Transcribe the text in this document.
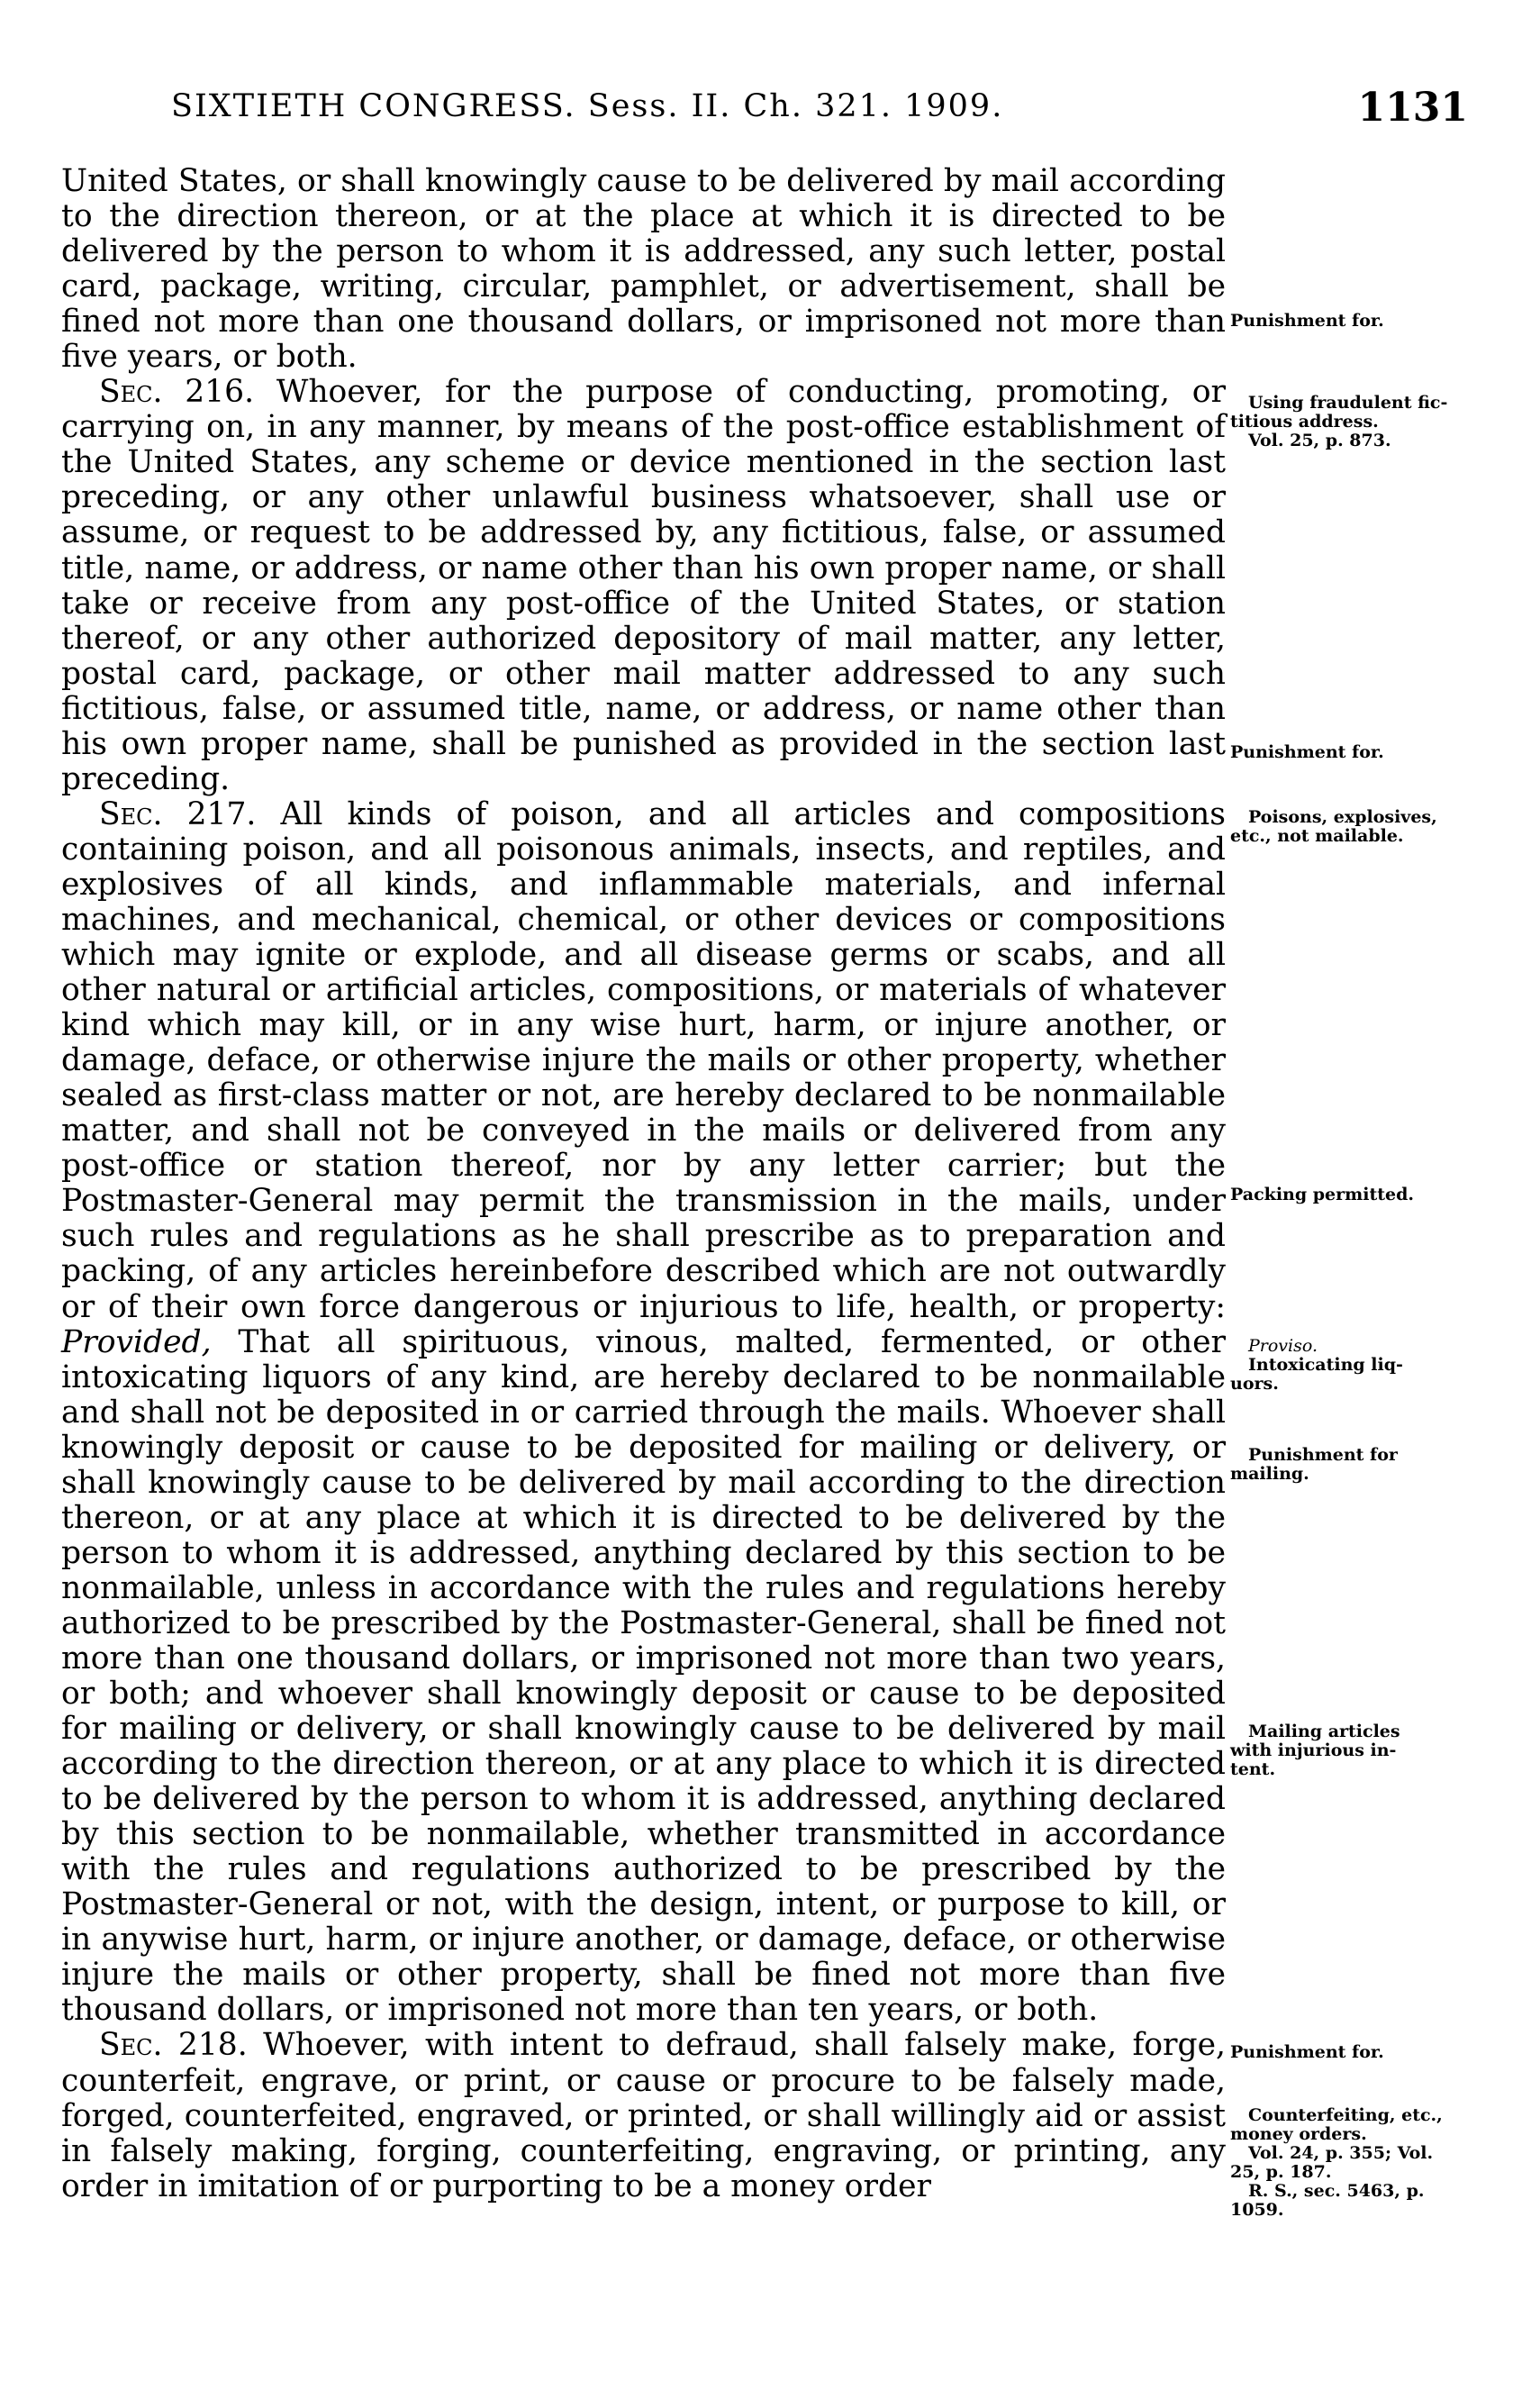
SIXTIETH CONGRESS. Sess. II. Ch. 321. 1909.	1131

United States, or shall knowingly cause to be delivered by mail according to the direction thereon, or at the place at which it is directed to be delivered by the person to whom it is addressed, any such letter, postal card, package, writing, circular, pamphlet, or advertisement, shall be fined not more than one thousand dollars, or imprisoned not more than five years, or both.

Sec. 216. Whoever, for the purpose of conducting, promoting, or carrying on, in any manner, by means of the post-office establishment of the United States, any scheme or device mentioned in the section last preceding, or any other unlawful business whatsoever, shall use or assume, or request to be addressed by, any fictitious, false, or assumed title, name, or address, or name other than his own proper name, or shall take or receive from any post-office of the United States, or station thereof, or any other authorized depository of mail matter, any letter, postal card, package, or other mail matter addressed to any such fictitious, false, or assumed title, name, or address, or name other than his own proper name, shall be punished as provided in the section last preceding.

Sec. 217. All kinds of poison, and all articles and compositions containing poison, and all poisonous animals, insects, and reptiles, and explosives of all kinds, and inflammable materials, and infernal machines, and mechanical, chemical, or other devices or compositions which may ignite or explode, and all disease germs or scabs, and all other natural or artificial articles, compositions, or materials of whatever kind which may kill, or in any wise hurt, harm, or injure another, or damage, deface, or otherwise injure the mails or other property, whether sealed as first-class matter or not, are hereby declared to be nonmailable matter, and shall not be conveyed in the mails or delivered from any post-office or station thereof, nor by any letter carrier; but the Postmaster-General may permit the transmission in the mails, under such rules and regulations as he shall prescribe as to preparation and packing, of any articles hereinbefore described which are not outwardly or of their own force dangerous or injurious to life, health, or property: Provided, That all spirituous, vinous, malted, fermented, or other intoxicating liquors of any kind, are hereby declared to be nonmailable and shall not be deposited in or carried through the mails. Whoever shall knowingly deposit or cause to be deposited for mailing or delivery, or shall knowingly cause to be delivered by mail according to the direction thereon, or at any place at which it is directed to be delivered by the person to whom it is addressed, anything declared by this section to be nonmailable, unless in accordance with the rules and regulations hereby authorized to be prescribed by the Postmaster-General, shall be fined not more than one thousand dollars, or imprisoned not more than two years, or both; and whoever shall knowingly deposit or cause to be deposited for mailing or delivery, or shall knowingly cause to be delivered by mail according to the direction thereon, or at any place to which it is directed to be delivered by the person to whom it is addressed, anything declared by this section to be nonmailable, whether transmitted in accordance with the rules and regulations authorized to be prescribed by the Postmaster-General or not, with the design, intent, or purpose to kill, or in anywise hurt, harm, or injure another, or damage, deface, or otherwise injure the mails or other property, shall be fined not more than five thousand dollars, or imprisoned not more than ten years, or both.

Sec. 218. Whoever, with intent to defraud, shall falsely make, forge, counterfeit, engrave, or print, or cause or procure to be falsely made, forged, counterfeited, engraved, or printed, or shall willingly aid or assist in falsely making, forging, counterfeiting, engraving, or printing, any order in imitation of or purporting to be a money order

Punishment for.
Using fraudulent fic-
titious address.
Vol. 25, p. 873.
Punishment for.
Poisons, explosives,
etc., not mailable.
Packing permitted.
Proviso.
Intoxicating liq-
uors.
Punishment for
mailing.
Mailing articles
with injurious in-
tent.
Punishment for.
Counterfeiting, etc.,
money orders.
Vol. 24, p. 355; Vol.
25, p. 187.
R. S., sec. 5463, p.
1059.
